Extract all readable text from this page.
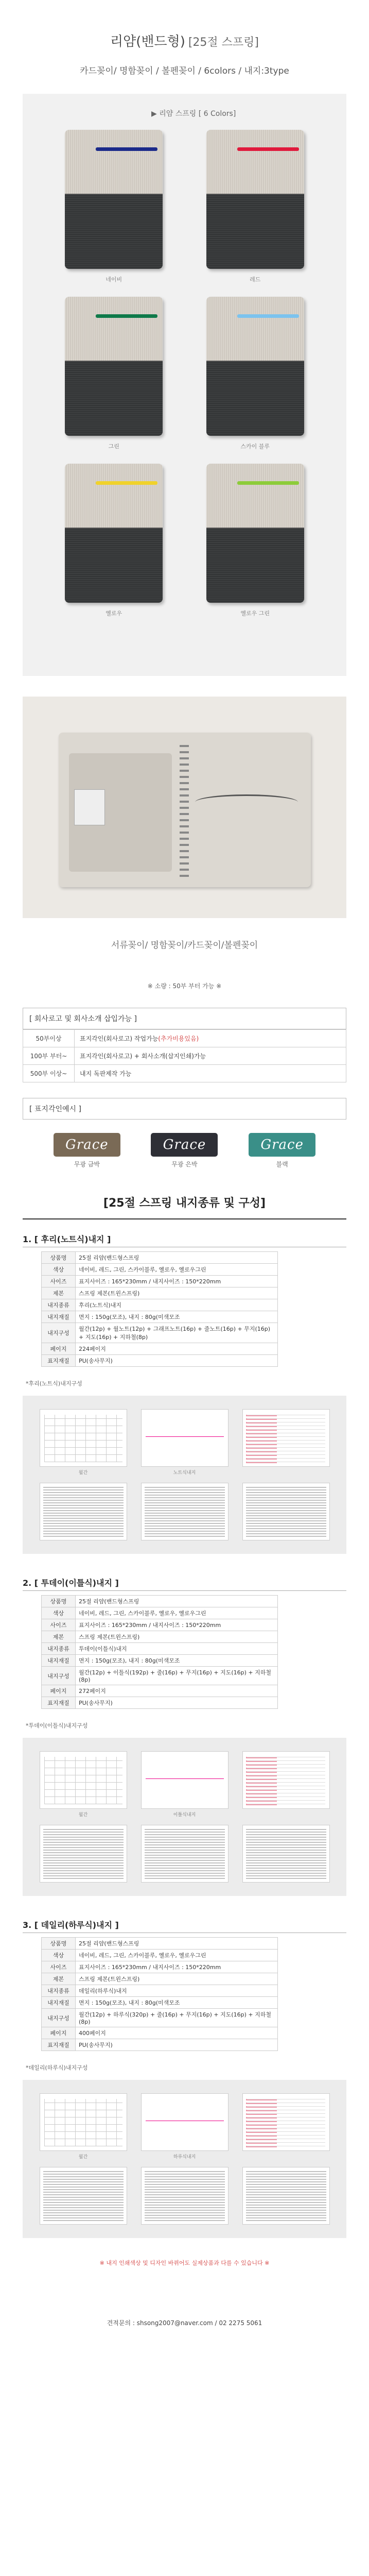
리얌(밴드형) [25절 스프링]
카드꽂이/ 명함꽂이 / 볼펜꽂이 / 6colors / 내지:3type
▶ 리얌 스프링 [ 6 Colors]
네이비	레드
그린	스카이 블루
옐로우	옐로우 그린
서류꽂이/ 명함꽂이/카드꽂이/볼펜꽂이
※ 소량 : 50부 부터 가능 ※
[ 회사로고 및 회사소개 삽입가능 ]
50부이상	표지각인(회사로고) 작업가능(추가비용있음)
100부 부터~	표지각인(회사로고) + 회사소개(삽지인쇄)가능
500부 이상~	내지 독판제작 가능
[ 표지각인예시 ]
Grace
무광 금박
Grace
무광 은박
Grace
블랙
[25절 스프링 내지종류 및 구성]
1. [ 후리(노트식)내지 ]
상품명	25절 리얌(밴드형스프링
색상	네이비, 레드, 그린, 스카이블루, 옐로우, 옐로우그린
사이즈	표지사이즈 : 165*230mm / 내지사이즈 : 150*220mm
제본	스프링 제본(트윈스프링)
내지종류	후리(노트식)내지
내지재질	면지 : 150g(모조), 내지 : 80g(미색모조
내지구성	월간(12p) + 월노트(12p) + 그래프노트(16p) + 줄노트(16p) + 무지(16p) + 지도(16p) + 지하철(8p)
페이지	224페이지
표지재질	PU(송사무지)
*후리(노트식)내지구성
월간	노트식내지
2. [ 투데이(이틀식)내지 ]
상품명	25절 리얌(밴드형스프링
색상	네이비, 레드, 그린, 스카이블루, 옐로우, 옐로우그린
사이즈	표지사이즈 : 165*230mm / 내지사이즈 : 150*220mm
제본	스프링 제본(트윈스프링)
내지종류	투데이(이틀식)내지
내지재질	면지 : 150g(모조), 내지 : 80g(미색모조
내지구성	월간(12p) + 이틀식(192p) + 줄(16p) + 무지(16p) + 지도(16p) + 지하철(8p)
페이지	272페이지
표지재질	PU(송사무지)
*투데이(이틀식)내지구성
월간	이틀식내지
3. [ 데일리(하루식)내지 ]
상품명	25절 리얌(밴드형스프링
색상	네이비, 레드, 그린, 스카이블루, 옐로우, 옐로우그린
사이즈	표지사이즈 : 165*230mm / 내지사이즈 : 150*220mm
제본	스프링 제본(트윈스프링)
내지종류	데일리(하루식)내지
내지재질	면지 : 150g(모조), 내지 : 80g(미색모조
내지구성	월간(12p) + 하루식(320p) + 줄(16p) + 무지(16p) + 지도(16p) + 지하철(8p)
페이지	400페이지
표지재질	PU(송사무지)
*데일리(하루식)내지구성
월간	하루식내지
※ 내지 인쇄색상 및 디자인 바뀌어도 실제상품과 다를 수 있습니다 ※
견적문의 : shsong2007@naver.com / 02 2275 5061
